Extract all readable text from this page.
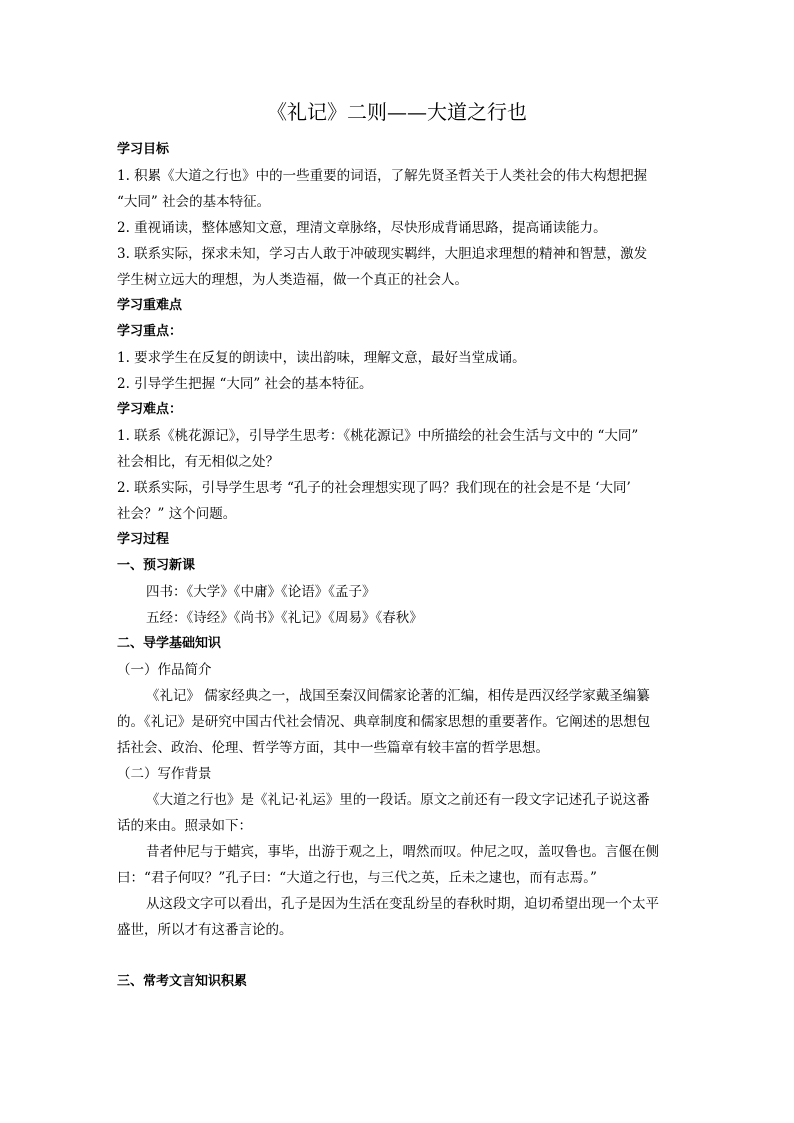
《礼记》二则——大道之行也
学习目标
1. 积累《大道之行也》中的一些重要的词语，了解先贤圣哲关于人类社会的伟大构想把握
“大同” 社会的基本特征。
2. 重视诵读，整体感知文意，理清文章脉络，尽快形成背诵思路，提高诵读能力。
3. 联系实际，探求未知，学习古人敢于冲破现实羁绊，大胆追求理想的精神和智慧，激发
学生树立远大的理想，为人类造福，做一个真正的社会人。
学习重难点
学习重点：
1. 要求学生在反复的朗读中，读出韵味，理解文意，最好当堂成诵。
2. 引导学生把握 “大同” 社会的基本特征。
学习难点：
1. 联系《桃花源记》，引导学生思考：《桃花源记》中所描绘的社会生活与文中的 “大同”
社会相比，有无相似之处？
2. 联系实际，引导学生思考 “孔子的社会理想实现了吗？我们现在的社会是不是 ‘大同’
社会？” 这个问题。
学习过程
一、预习新课
四书：《大学》《中庸》《论语》《孟子》
五经：《诗经》《尚书》《礼记》《周易》《春秋》
二、导学基础知识
（一）作品简介
《礼记》 儒家经典之一，战国至秦汉间儒家论著的汇编，相传是西汉经学家戴圣编纂
的。《礼记》是研究中国古代社会情况、典章制度和儒家思想的重要著作。它阐述的思想包
括社会、政治、伦理、哲学等方面，其中一些篇章有较丰富的哲学思想。
（二）写作背景
《大道之行也》是《礼记·礼运》里的一段话。原文之前还有一段文字记述孔子说这番
话的来由。照录如下：
昔者仲尼与于蜡宾，事毕，出游于观之上，喟然而叹。仲尼之叹，盖叹鲁也。言偃在侧
曰：“君子何叹？”孔子曰：“大道之行也，与三代之英，丘未之逮也，而有志焉。”
从这段文字可以看出，孔子是因为生活在变乱纷呈的春秋时期，迫切希望出现一个太平
盛世，所以才有这番言论的。
三、常考文言知识积累
